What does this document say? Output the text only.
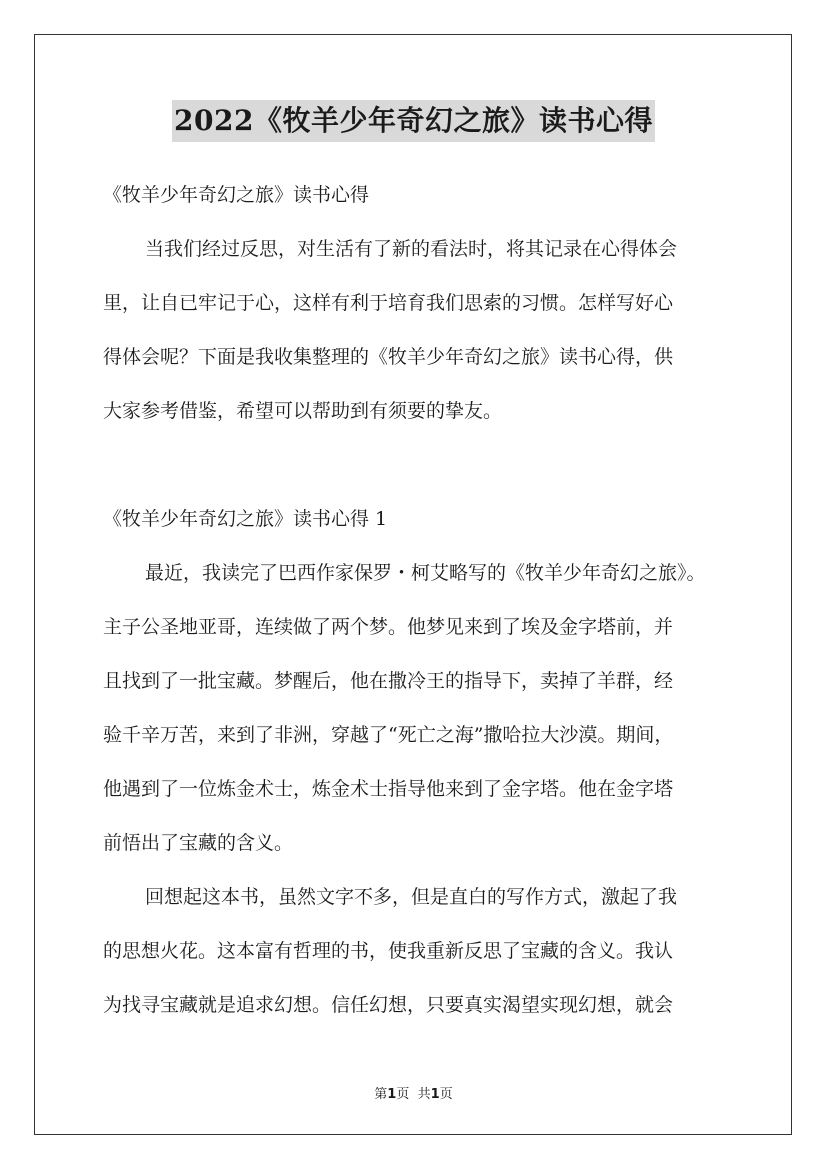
2022《牧羊少年奇幻之旅》读书心得
《牧羊少年奇幻之旅》读书心得
当我们经过反思，对生活有了新的看法时，将其记录在心得体会
里，让自已牢记于心，这样有利于培育我们思索的习惯。怎样写好心
得体会呢？下面是我收集整理的《牧羊少年奇幻之旅》读书心得，供
大家参考借鉴，希望可以帮助到有须要的挚友。
《牧羊少年奇幻之旅》读书心得 1
最近，我读完了巴西作家保罗・柯艾略写的《牧羊少年奇幻之旅》。
主子公圣地亚哥，连续做了两个梦。他梦见来到了埃及金字塔前，并
且找到了一批宝藏。梦醒后，他在撒冷王的指导下，卖掉了羊群，经
验千辛万苦，来到了非洲，穿越了“死亡之海”撒哈拉大沙漠。期间，
他遇到了一位炼金术士，炼金术士指导他来到了金字塔。他在金字塔
前悟出了宝藏的含义。
回想起这本书，虽然文字不多，但是直白的写作方式，激起了我
的思想火花。这本富有哲理的书，使我重新反思了宝藏的含义。我认
为找寻宝藏就是追求幻想。信任幻想，只要真实渴望实现幻想，就会
第1页 共1页
